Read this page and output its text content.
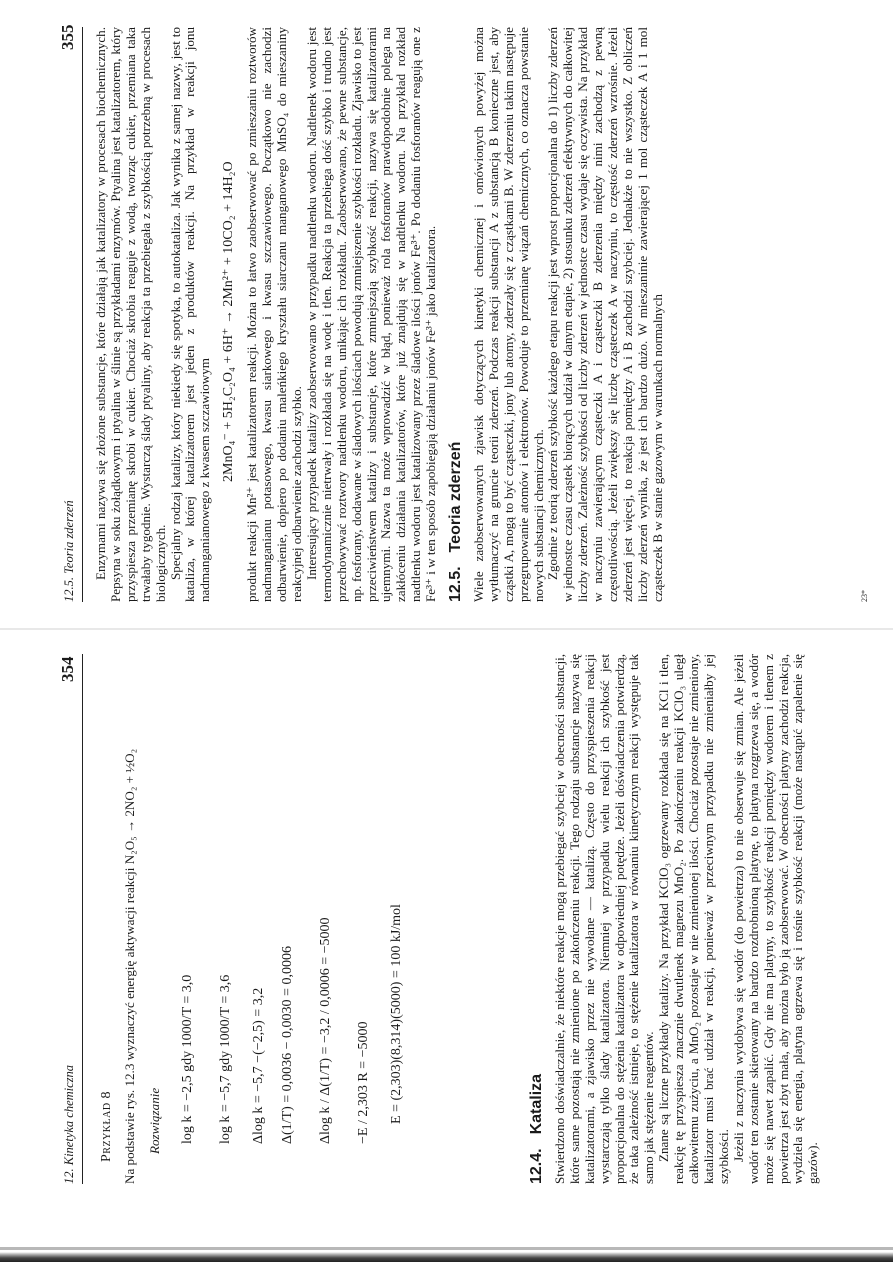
12. Kinetyka chemiczna
354

Przykład 8 Na podstawie rys. 12.3 wyznaczyć energię aktywacji reakcji N₂O₅ → 2NO₂ + ½O₂ Rozwiązanie	log k = −2,5 gdy 1000/T = 3,0	log k = −5,7 gdy 1000/T = 3,6	Δlog k = −5,7 −(−2,5) = 3,2	Δ(1/T) = 0,0036 − 0,0030 = 0,0006	Δlog k / Δ(1/T) = −3,2 / 0,0006 = −5000	−E / 2,303 R = −5000	E = (2,303)(8,314)(5000) = 100 kJ/mol
12.4.Kataliza Stwierdzono doświadczalnie, że niektóre reakcje mogą przebiegać szybciej w obecności substancji, które same pozostają nie zmienione po zakończeniu reakcji. Tego rodzaju substancje nazywa się katalizatorami, a zjawisko przez nie wywołane — katalizą. Często do przyspieszenia reakcji wystarczają tylko ślady katalizatora. Niemniej w przypadku wielu reakcji ich szybkość jest proporcjonalna do stężenia katalizatora w odpowiedniej potędze. Jeżeli doświadczenia potwierdzą, że taka zależność istnieje, to stężenie katalizatora w równaniu kinetycznym reakcji występuje tak samo jak stężenie reagentów. Znane są liczne przykłady katalizy. Na przykład KClO₃ ogrzewany rozkłada się na KCl i tlen, reakcję tę przyspiesza znacznie dwutlenek magnezu MnO₂. Po zakończeniu reakcji KClO₃ uległ całkowitemu zużyciu, a MnO₂ pozostaje w nie zmienionej ilości. Chociaż pozostaje nie zmieniony, katalizator musi brać udział w reakcji, ponieważ w przeciwnym przypadku nie zmieniałby jej szybkości. Jeżeli z naczynia wydobywa się wodór (do powietrza) to nie obserwuje się zmian. Ale jeżeli wodór ten zostanie skierowany na bardzo rozdrobnioną platynę, to platyna rozgrzewa się, a wodór może się nawet zapalić. Gdy nie ma platyny, to szybkość reakcji pomiędzy wodorem i tlenem z powietrza jest zbyt mała, aby można było ją zaobserwować. W obecności platyny zachodzi reakcja, wydziela się energia, platyna ogrzewa się i rośnie szybkość reakcji (może nastąpić zapalenie się gazów).

12.5. Teoria zderzeń
355 Enzymami nazywa się złożone substancje, które działają jak katalizatory w procesach biochemicznych. Pepsyna w soku żołądkowym i ptyalina w ślinie są przykładami enzymów. Ptyalina jest katalizatorem, który przyspiesza przemianę skrobi w cukier. Chociaż skrobia reaguje z wodą, tworząc cukier, przemiana taka trwałaby tygodnie. Wystarczą ślady ptyaliny, aby reakcja ta przebiegała z szybkością potrzebną w procesach biologicznych. Specjalny rodzaj katalizy, który niekiedy się spotyka, to autokataliza. Jak wynika z samej nazwy, jest to kataliza, w której katalizatorem jest jeden z produktów reakcji. Na przykład w reakcji jonu nadmanganianowego z kwasem szczawiowym 2MnO₄⁻ + 5H₂C₂O₄ + 6H⁺ → 2Mn²⁺ + 10CO₂ + 14H₂O produkt reakcji Mn²⁺ jest katalizatorem reakcji. Można to łatwo zaobserwować po zmieszaniu roztworów nadmanganianu potasowego, kwasu siarkowego i kwasu szczawiowego. Początkowo nie zachodzi odbarwienie, dopiero po dodaniu maleńkiego kryształu siarczanu manganowego MnSO₄ do mieszaniny reakcyjnej odbarwienie zachodzi szybko. Interesujący przypadek katalizy zaobserwowano w przypadku nadtlenku wodoru. Nadtlenek wodoru jest termodynamicznie nietrwały i rozkłada się na wodę i tlen. Reakcja ta przebiega dość szybko i trudno jest przechowywać roztwory nadtlenku wodoru, unikając ich rozkładu. Zaobserwowano, że pewne substancje, np. fosforany, dodawane w śladowych ilościach powodują zmniejszenie szybkości rozkładu. Zjawisko to jest przeciwieństwem katalizy i substancje, które zmniejszają szybkość reakcji, nazywa się katalizatorami ujemnymi. Nazwa ta może wprowadzić w błąd, ponieważ rola fosforanów prawdopodobnie polega na zakłóceniu działania katalizatorów, które już znajdują się w nadtlenku wodoru. Na przykład rozkład nadtlenku wodoru jest katalizowany przez śladowe ilości jonów Fe³⁺. Po dodaniu fosforanów reagują one z Fe³⁺ i w ten sposób zapobiegają działaniu jonów Fe³⁺ jako katalizatora. 12.5.Teoria zderzeń Wiele zaobserwowanych zjawisk dotyczących kinetyki chemicznej i omówionych powyżej można wytłumaczyć na gruncie teorii zderzeń. Podczas reakcji substancji A z substancją B konieczne jest, aby cząstki A, mogą to być cząsteczki, jony lub atomy, zderzały się z cząstkami B. W zderzeniu takim następuje przegrupowanie atomów i elektronów. Powoduje to przemianę wiązań chemicznych, co oznacza powstanie nowych substancji chemicznych. Zgodnie z teorią zderzeń szybkość każdego etapu reakcji jest wprost proporcjonalna do 1) liczby zderzeń w jednostce czasu cząstek biorących udział w danym etapie, 2) stosunku zderzeń efektywnych do całkowitej liczby zderzeń. Zależność szybkości od liczby zderzeń w jednostce czasu wydaje się oczywista. Na przykład w naczyniu zawierającym cząsteczki A i cząsteczki B zderzenia między nimi zachodzą z pewną częstotliwością. Jeżeli zwiększy się liczbę cząsteczek A w naczyniu, to częstość zderzeń wzrośnie. Jeżeli zderzeń jest więcej, to reakcja pomiędzy A i B zachodzi szybciej. Jednakże to nie wszystko. Z obliczeń liczby zderzeń wynika, że jest ich bardzo dużo. W mieszaninie zawierającej 1 mol cząsteczek A i 1 mol cząsteczek B w stanie gazowym w warunkach normalnych	23*
